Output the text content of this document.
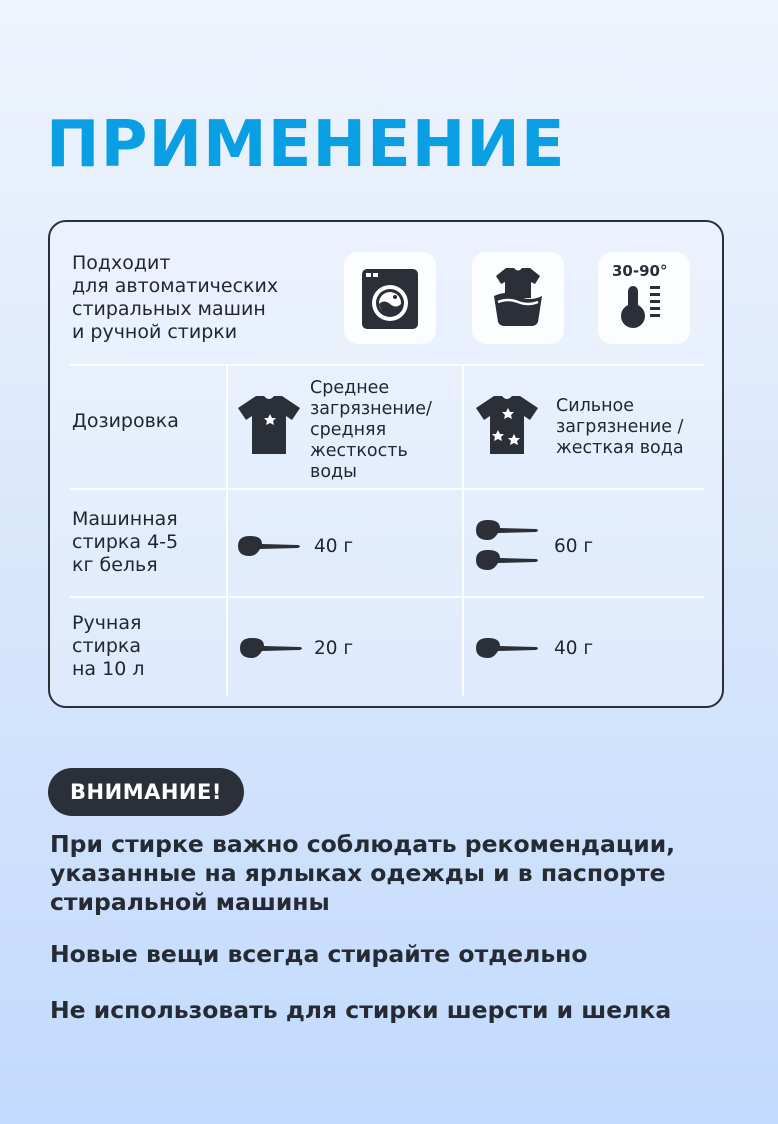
ПРИМЕНЕНИЕ
Подходит
для автоматических
стиральных машин
и ручной стирки
30-90°
Дозировка
Среднее
загрязнение/
средняя
жесткость
воды
Сильное
загрязнение /
жесткая вода
Машинная
стирка 4-5
кг белья
40 г	60 г
Ручная
стирка
на 10 л
20 г	40 г
ВНИМАНИЕ!
При стирке важно соблюдать рекомендации,
указанные на ярлыках одежды и в паспорте
стиральной машины
Новые вещи всегда стирайте отдельно
Не использовать для стирки шерсти и шелка
